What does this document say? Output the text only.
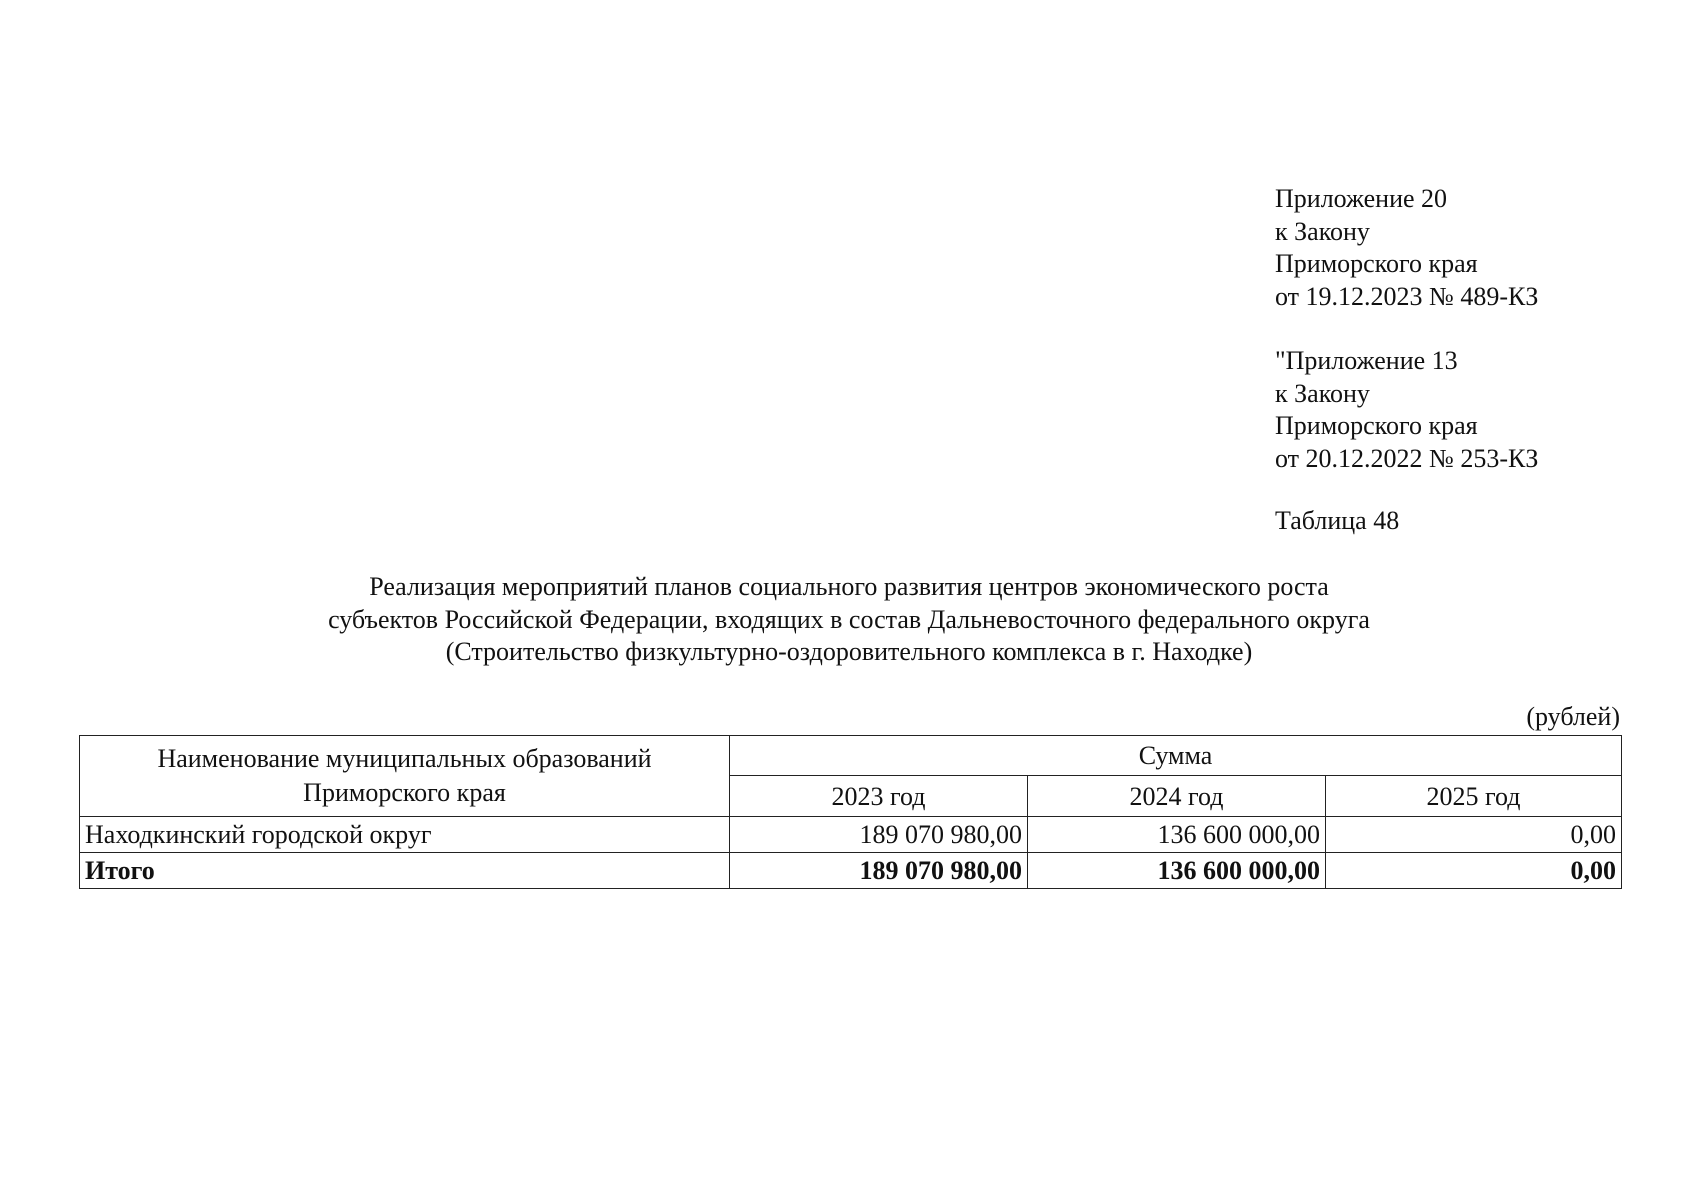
Приложение 20
к Закону
Приморского края
от 19.12.2023 № 489-КЗ
"Приложение 13
к Закону
Приморского края
от 20.12.2022 № 253-КЗ
Таблица 48
Реализация мероприятий планов социального развития центров экономического роста
субъектов Российской Федерации, входящих в состав Дальневосточного федерального округа
(Строительство физкультурно-оздоровительного комплекса в г. Находке)
(рублей)
Наименование муниципальных образований
Приморского края	Сумма		
	2023 год	2024 год	2025 год
Находкинский городской округ	189 070 980,00	136 600 000,00	0,00
Итого	189 070 980,00	136 600 000,00	0,00
